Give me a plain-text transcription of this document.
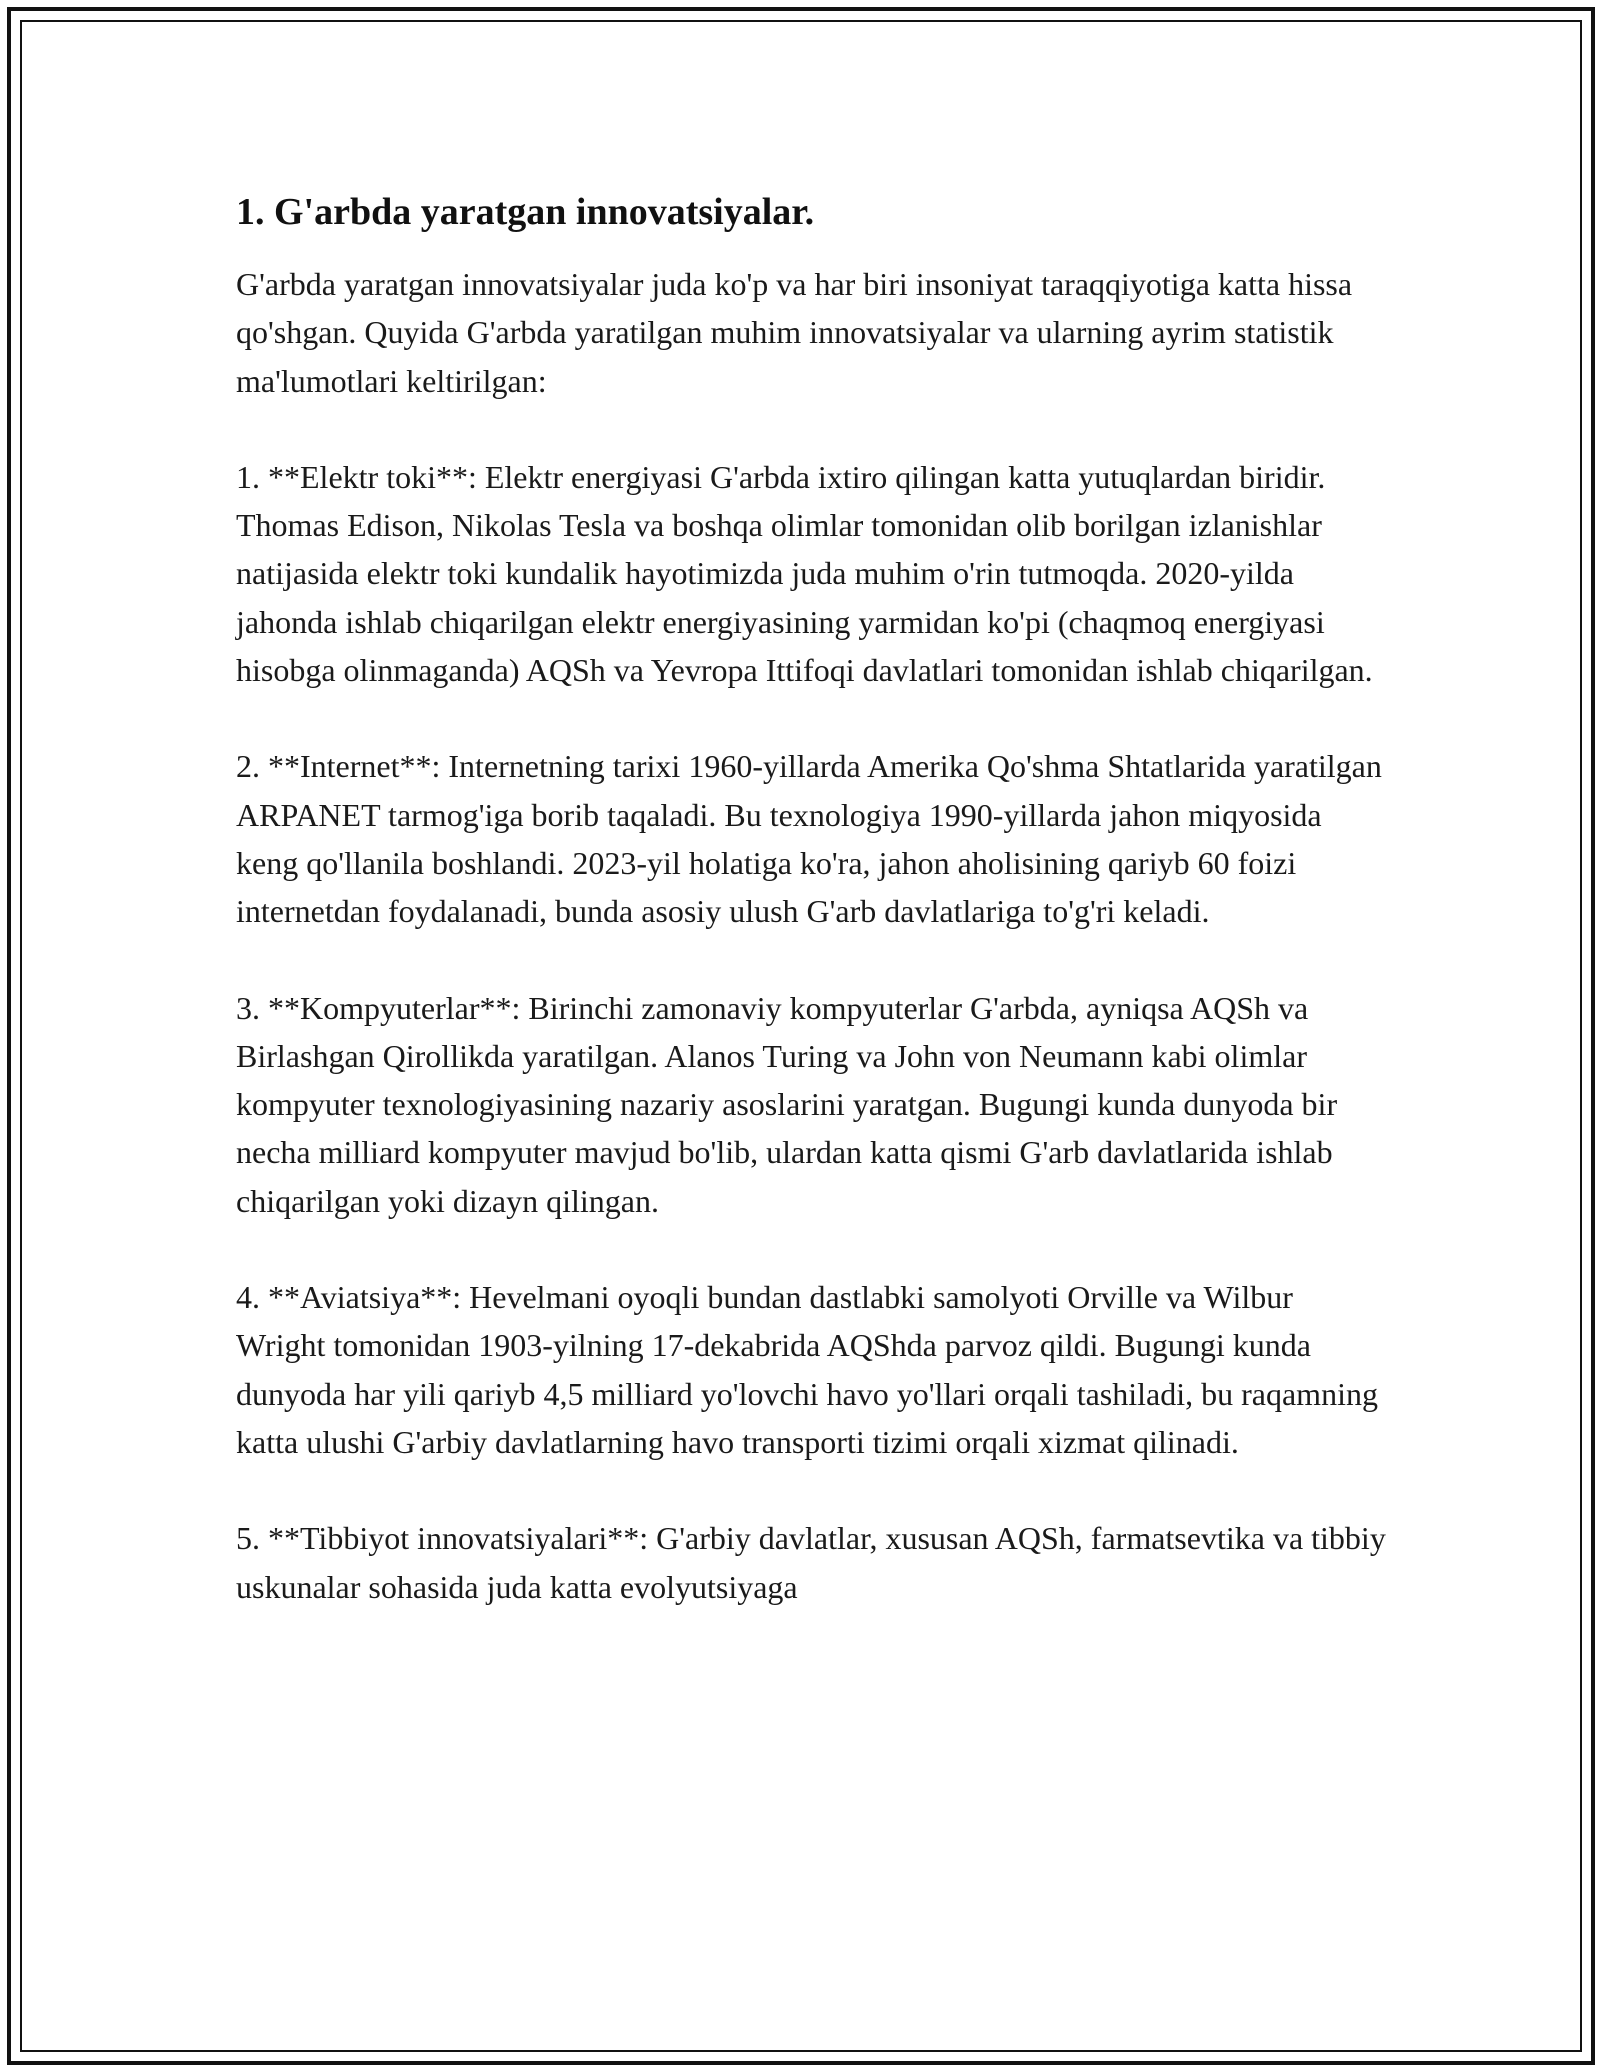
1. G'arbda yaratgan innovatsiyalar.

G'arbda yaratgan innovatsiyalar juda ko'p va har biri insoniyat taraqqiyotiga katta hissa qo'shgan. Quyida G'arbda yaratilgan muhim innovatsiyalar va ularning ayrim statistik ma'lumotlari keltirilgan:

1. **Elektr toki**: Elektr energiyasi G'arbda ixtiro qilingan katta yutuqlardan biridir. Thomas Edison, Nikolas Tesla va boshqa olimlar tomonidan olib borilgan izlanishlar natijasida elektr toki kundalik hayotimizda juda muhim o'rin tutmoqda. 2020-yilda jahonda ishlab chiqarilgan elektr energiyasining yarmidan ko'pi (chaqmoq energiyasi hisobga olinmaganda) AQSh va Yevropa Ittifoqi davlatlari tomonidan ishlab chiqarilgan.

2. **Internet**: Internetning tarixi 1960-yillarda Amerika Qo'shma Shtatlarida yaratilgan ARPANET tarmog'iga borib taqaladi. Bu texnologiya 1990-yillarda jahon miqyosida keng qo'llanila boshlandi. 2023-yil holatiga ko'ra, jahon aholisining qariyb 60 foizi internetdan foydalanadi, bunda asosiy ulush G'arb davlatlariga to'g'ri keladi.

3. **Kompyuterlar**: Birinchi zamonaviy kompyuterlar G'arbda, ayniqsa AQSh va Birlashgan Qirollikda yaratilgan. Alanos Turing va John von Neumann kabi olimlar kompyuter texnologiyasining nazariy asoslarini yaratgan. Bugungi kunda dunyoda bir necha milliard kompyuter mavjud bo'lib, ulardan katta qismi G'arb davlatlarida ishlab chiqarilgan yoki dizayn qilingan.

4. **Aviatsiya**: Hevelmani oyoqli bundan dastlabki samolyoti Orville va Wilbur Wright tomonidan 1903-yilning 17-dekabrida AQShda parvoz qildi. Bugungi kunda dunyoda har yili qariyb 4,5 milliard yo'lovchi havo yo'llari orqali tashiladi, bu raqamning katta ulushi G'arbiy davlatlarning havo transporti tizimi orqali xizmat qilinadi.

5. **Tibbiyot innovatsiyalari**: G'arbiy davlatlar, xususan AQSh, farmatsevtika va tibbiy uskunalar sohasida juda katta evolyutsiyaga
